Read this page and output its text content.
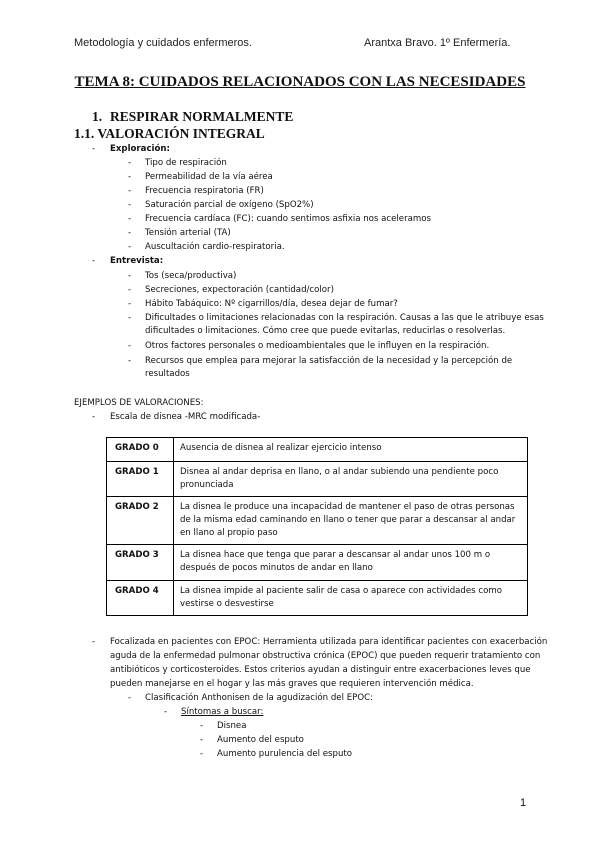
Metodología y cuidados enfermeros.	Arantxa Bravo. 1º Enfermería.
TEMA 8: CUIDADOS RELACIONADOS CON LAS NECESIDADES
1. RESPIRAR NORMALMENTE
1.1. VALORACIÓN INTEGRAL
- Exploración:
- Tipo de respiración
- Permeabilidad de la vía aérea
- Frecuencia respiratoria (FR)
- Saturación parcial de oxígeno (SpO2%)
- Frecuencia cardíaca (FC): cuando sentimos asfixia nos aceleramos
- Tensión arterial (TA)
- Auscultación cardio-respiratoria.
- Entrevista:
- Tos (seca/productiva)
- Secreciones, expectoración (cantidad/color)
- Hábito Tabáquico: Nº cigarrillos/día, desea dejar de fumar?
- Dificultades o limitaciones relacionadas con la respiración. Causas a las que le atribuye esas
dificultades o limitaciones. Cómo cree que puede evitarlas, reducirlas o resolverlas.
- Otros factores personales o medioambientales que le influyen en la respiración.
- Recursos que emplea para mejorar la satisfacción de la necesidad y la percepción de
resultados
EJEMPLOS DE VALORACIONES:
- Escala de disnea -MRC modificada-
GRADO 0	Ausencia de disnea al realizar ejercicio intenso
GRADO 1	Disnea al andar deprisa en llano, o al andar subiendo una pendiente poco pronunciada
GRADO 2	La disnea le produce una incapacidad de mantener el paso de otras personas de la misma edad caminando en llano o tener que parar a descansar al andar en llano al propio paso
GRADO 3	La disnea hace que tenga que parar a descansar al andar unos 100 m o después de pocos minutos de andar en llano
GRADO 4	La disnea impide al paciente salir de casa o aparece con actividades como vestirse o desvestirse
- Focalizada en pacientes con EPOC: Herramienta utilizada para identificar pacientes con exacerbación
aguda de la enfermedad pulmonar obstructiva crónica (EPOC) que pueden requerir tratamiento con
antibióticos y corticosteroides. Estos criterios ayudan a distinguir entre exacerbaciones leves que
pueden manejarse en el hogar y las más graves que requieren intervención médica.
- Clasificación Anthonisen de la agudización del EPOC:
- Síntomas a buscar:
- Disnea
- Aumento del esputo
- Aumento purulencia del esputo
1
